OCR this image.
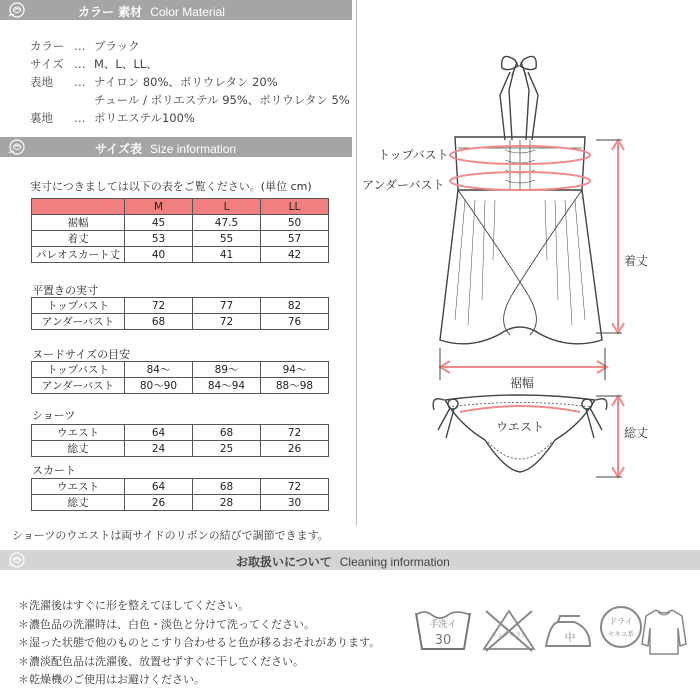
カラー 素材 Color Material
カラー … ブラック
サイズ … M、L、LL、
表地 … ナイロン 80%、ポリウレタン 20%
チュール / ポリエステル 95%、ポリウレタン 5%
裏地 … ポリエステル100%
サイズ表 Size information
実寸につきましては以下の表をご覧ください。(単位 cm)
	M	L	LL
裾幅	45	47.5	50
着丈	53	55	57
パレオスカート丈	40	41	42
平置きの実寸
トップバスト	72	77	82
アンダーバスト	68	72	76
ヌードサイズの目安
トップバスト	84～	89～	94～
アンダーバスト	80～90	84～94	88～98
ショーツ
ウエスト	64	68	72
総丈	24	25	26
スカート
ウエスト	64	68	72
総丈	26	28	30
ショーツのウエストは両サイドのリボンの結びで調節できます。
トップバスト
アンダーバスト
着丈
裾幅
ウエスト	総丈
お取扱いについて Cleaning information
＊洗濯後はすぐに形を整えてほしてください。
＊濃色品の洗濯時は、白色・淡色と分けて洗ってください。
＊湿った状態で他のものとこすり合わせると色が移るおそれがあります。
＊濃淡配色品は洗濯後、放置せずすぐに干してください。
＊乾燥機のご使用はお避けください。
手洗イ
30	エンソサラシ	中
ドライ
セキユ系
